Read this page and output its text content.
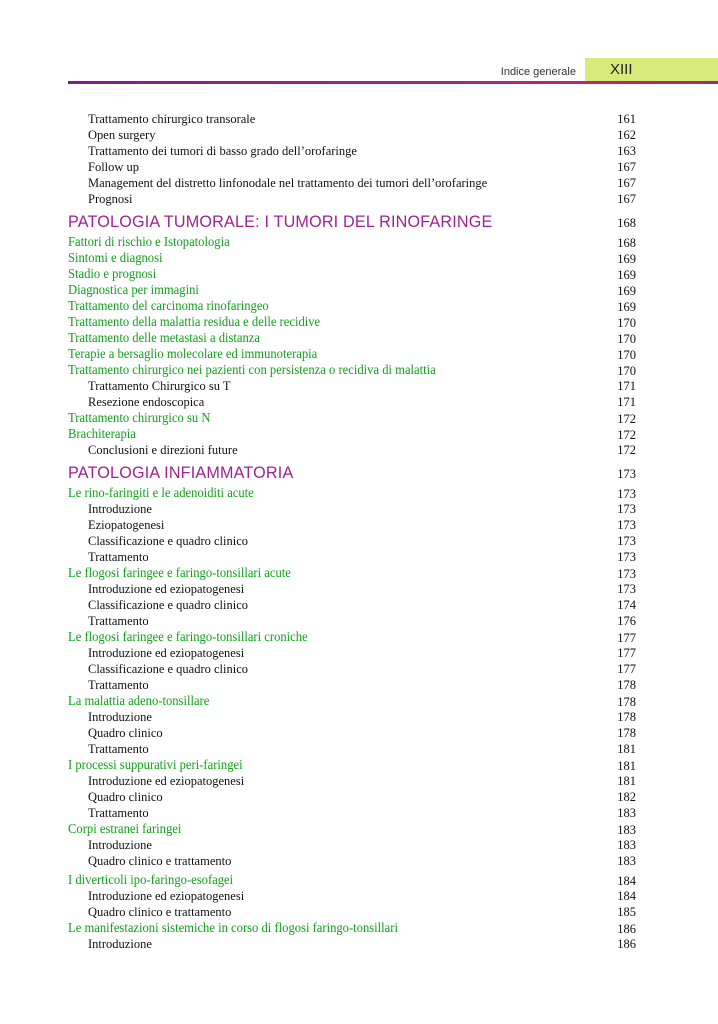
Indice generale	XIII
Trattamento chirurgico transorale	161
Open surgery	162
Trattamento dei tumori di basso grado dell’orofaringe	163
Follow up	167
Management del distretto linfonodale nel trattamento dei tumori dell’orofaringe	167
Prognosi	167
PATOLOGIA TUMORALE: I TUMORI DEL RINOFARINGE	168
Fattori di rischio e Istopatologia	168
Sintomi e diagnosi	169
Stadio e prognosi	169
Diagnostica per immagini	169
Trattamento del carcinoma rinofaringeo	169
Trattamento della malattia residua e delle recidive	170
Trattamento delle metastasi a distanza	170
Terapie a bersaglio molecolare ed immunoterapia	170
Trattamento chirurgico nei pazienti con persistenza o recidiva di malattia	170
Trattamento Chirurgico su T	171
Resezione endoscopica	171
Trattamento chirurgico su N	172
Brachiterapia	172
Conclusioni e direzioni future	172
PATOLOGIA INFIAMMATORIA	173
Le rino-faringiti e le adenoiditi acute	173
Introduzione	173
Eziopatogenesi	173
Classificazione e quadro clinico	173
Trattamento	173
Le flogosi faringee e faringo-tonsillari acute	173
Introduzione ed eziopatogenesi	173
Classificazione e quadro clinico	174
Trattamento	176
Le flogosi faringee e faringo-tonsillari croniche	177
Introduzione ed eziopatogenesi	177
Classificazione e quadro clinico	177
Trattamento	178
La malattia adeno-tonsillare	178
Introduzione	178
Quadro clinico	178
Trattamento	181
I processi suppurativi peri-faringei	181
Introduzione ed eziopatogenesi	181
Quadro clinico	182
Trattamento	183
Corpi estranei faringei	183
Introduzione	183
Quadro clinico e trattamento	183
I diverticoli ipo-faringo-esofagei	184
Introduzione ed eziopatogenesi	184
Quadro clinico e trattamento	185
Le manifestazioni sistemiche in corso di flogosi faringo-tonsillari	186
Introduzione	186
